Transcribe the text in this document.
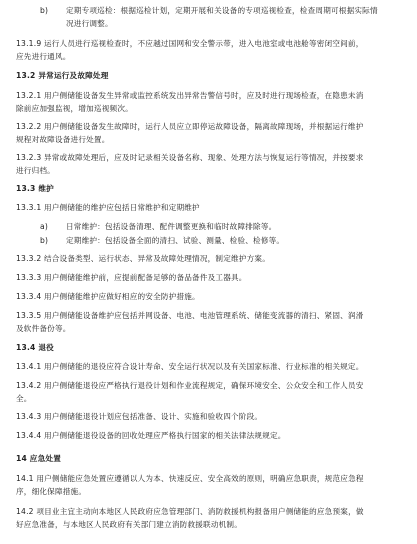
b) 定期专项巡检：根据巡检计划，定期开展和关设备的专项巡视检查，检查周期可根据实际情
况进行调整。
13.1.9 运行人员进行巡视检查时，不应越过国网和安全警示带，进入电池室或电池舱等密闭空间前，
应先进行通风。
13.2 异常运行及故障处理
13.2.1 用户侧储能设备发生异常或监控系统发出异常告警信号时，应及时进行现场检查，在隐患未消
除前应加强监视，增加巡视频次。
13.2.2 用户侧储能设备发生故障时，运行人员应立即停运故障设备，隔离故障现场，并根据运行维护
规程对故障设备进行处置。
13.2.3 异常或故障处理后，应及时记录相关设备名称、现象、处理方法与恢复运行等情况，并按要求
进行归档。
13.3 维护
13.3.1 用户侧储能的维护应包括日常维护和定期维护
a) 日常维护：包括设备清理、配件调整更换和临时故障排除等。
b) 定期维护：包括设备全面的清扫、试验、测量、检验、检修等。
13.3.2 结合设备类型、运行状态、异常及故障处理情况，制定维护方案。
13.3.3 用户侧储能维护前，应提前配备足够的备品备件及工器具。
13.3.4 用户侧储能维护应做好相应的安全防护措施。
13.3.5 用户侧储能设备维护应包括并网设备、电池、电池管理系统、储能变流器的清扫、紧固、润滑
及软件备份等。
13.4 退役
13.4.1 用户侧储能的退役应符合设计寿命、安全运行状况以及有关国家标准、行业标准的相关规定。
13.4.2 用户侧储能退役应严格执行退役计划和作业流程规定，确保环境安全、公众安全和工作人员安
全。
13.4.3 用户侧储能退役计划应包括准备、设计、实施和验收四个阶段。
13.4.4 用户侧储能退役设备的回收处理应严格执行国家的相关法律法规规定。
14 应急处置
14.1 用户侧储能应急处置应遵循以人为本、快速反应、安全高效的原则，明确应急职责，规范应急程
序，细化保障措施。
14.2 项目业主宜主动向本地区人民政府应急管理部门、消防救援机构报备用户侧储能的应急预案，做
好应急准备，与本地区人民政府有关部门建立消防救援联动机制。
